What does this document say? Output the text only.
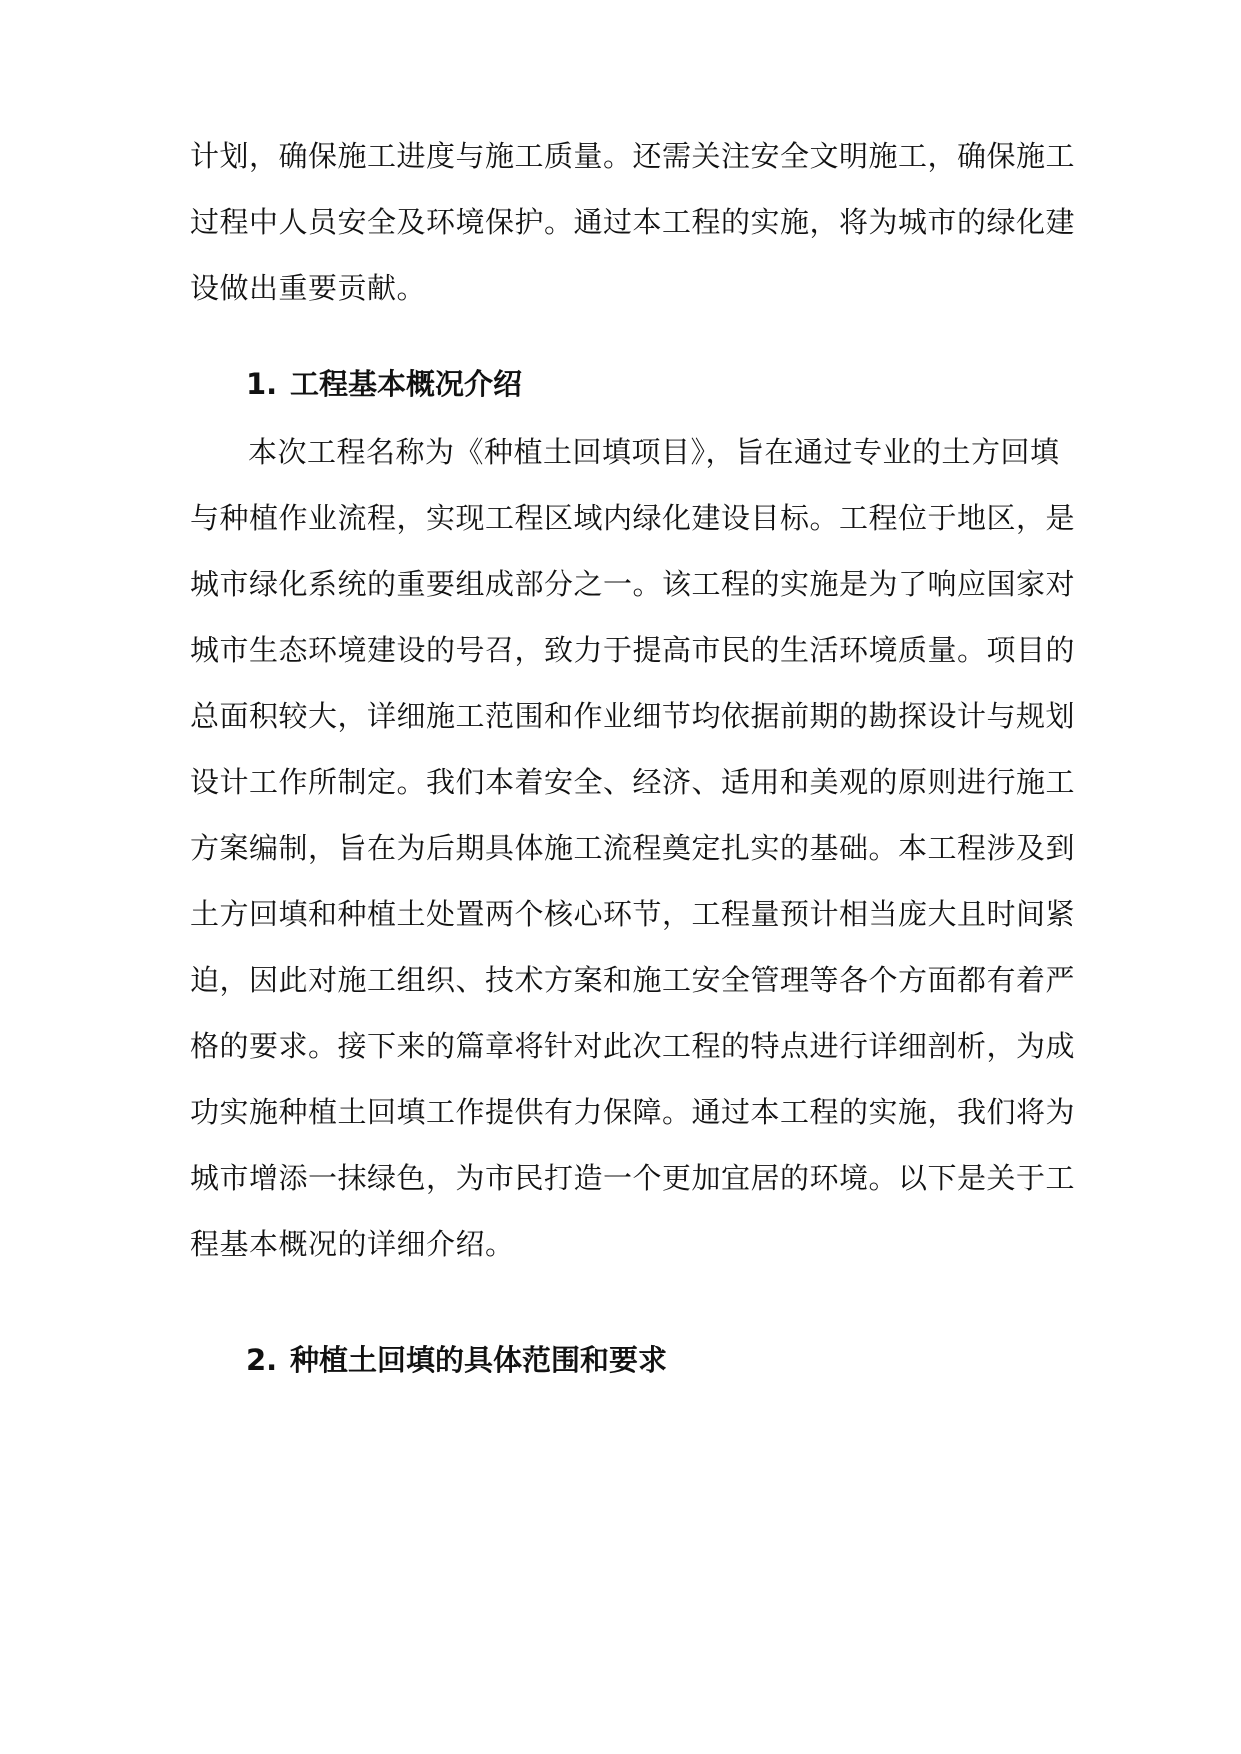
计划，确保施工进度与施工质量。还需关注安全文明施工，确保施工
过程中人员安全及环境保护。通过本工程的实施，将为城市的绿化建
设做出重要贡献。
1. 工程基本概况介绍
本次工程名称为《种植土回填项目》，旨在通过专业的土方回填
与种植作业流程，实现工程区域内绿化建设目标。工程位于地区，是
城市绿化系统的重要组成部分之一。该工程的实施是为了响应国家对
城市生态环境建设的号召，致力于提高市民的生活环境质量。项目的
总面积较大，详细施工范围和作业细节均依据前期的勘探设计与规划
设计工作所制定。我们本着安全、经济、适用和美观的原则进行施工
方案编制，旨在为后期具体施工流程奠定扎实的基础。本工程涉及到
土方回填和种植土处置两个核心环节，工程量预计相当庞大且时间紧
迫，因此对施工组织、技术方案和施工安全管理等各个方面都有着严
格的要求。接下来的篇章将针对此次工程的特点进行详细剖析，为成
功实施种植土回填工作提供有力保障。通过本工程的实施，我们将为
城市增添一抹绿色，为市民打造一个更加宜居的环境。以下是关于工
程基本概况的详细介绍。
2. 种植土回填的具体范围和要求
